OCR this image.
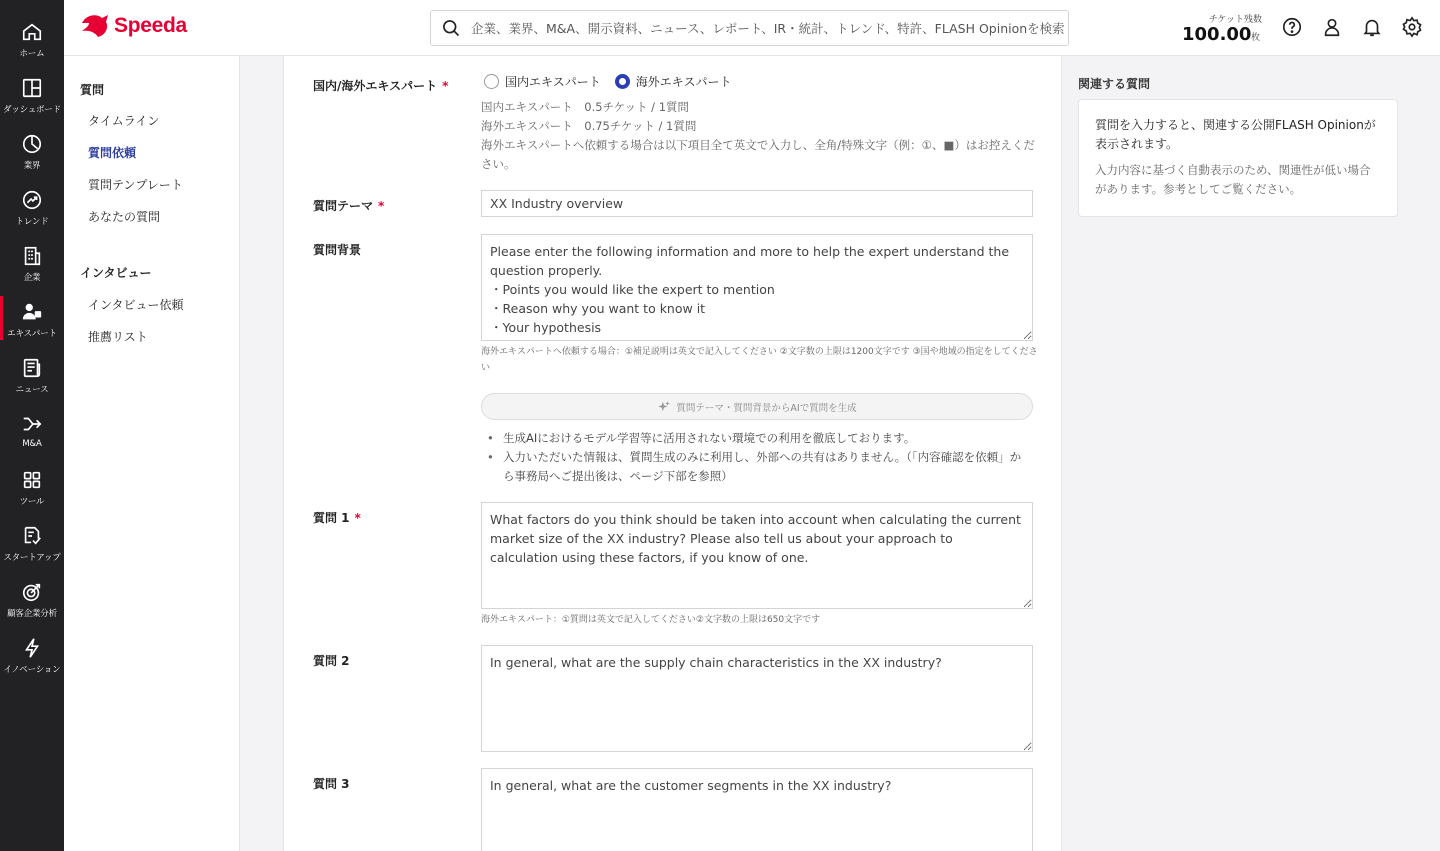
ホーム
ダッシュボード
業界
トレンド
企業
エキスパート
ニュース
M&A
ツール
スタートアップ
顧客企業分析
イノベーション
Speeda
企業、業界、M&A、開示資料、ニュース、レポート、IR・統計、トレンド、特許、FLASH Opinionを検索	チケット残数
100.00 枚
質問
タイムライン
質問依頼
質問テンプレート
あなたの質問
インタビュー
インタビュー依頼
推薦リスト
国内/海外エキスパート *	国内エキスパート	海外エキスパート
国内エキスパート　0.5チケット / 1質問
海外エキスパート　0.75チケット / 1質問
海外エキスパートへ依頼する場合は以下項目全て英文で入力し、全角/特殊文字（例：①、■）はお控えください。
質問テーマ *
XX Industry overview
質問背景
Please enter the following information and more to help the expert understand the question properly. ・Points you would like the expert to mention ・Reason why you want to know it ・Your hypothesis
海外エキスパートへ依頼する場合：①補足説明は英文で記入してください ②文字数の上限は1200文字です ③国や地域の指定をしてください
質問テーマ・質問背景からAIで質問を生成
• 生成AIにおけるモデル学習等に活用されない環境での利用を徹底しております。
• 入力いただいた情報は、質問生成のみに利用し、外部への共有はありません。（「内容確認を依頼」から事務局へご提出後は、ページ下部を参照）
質問 1 *
What factors do you think should be taken into account when calculating the current market size of the XX industry? Please also tell us about your approach to calculation using these factors, if you know of one.
海外エキスパート：①質問は英文で記入してください②文字数の上限は650文字です
質問 2
In general, what are the supply chain characteristics in the XX industry?
質問 3
In general, what are the customer segments in the XX industry?
関連する質問
質問を入力すると、関連する公開FLASH Opinionが表示されます。
入力内容に基づく自動表示のため、関連性が低い場合があります。参考としてご覧ください。
